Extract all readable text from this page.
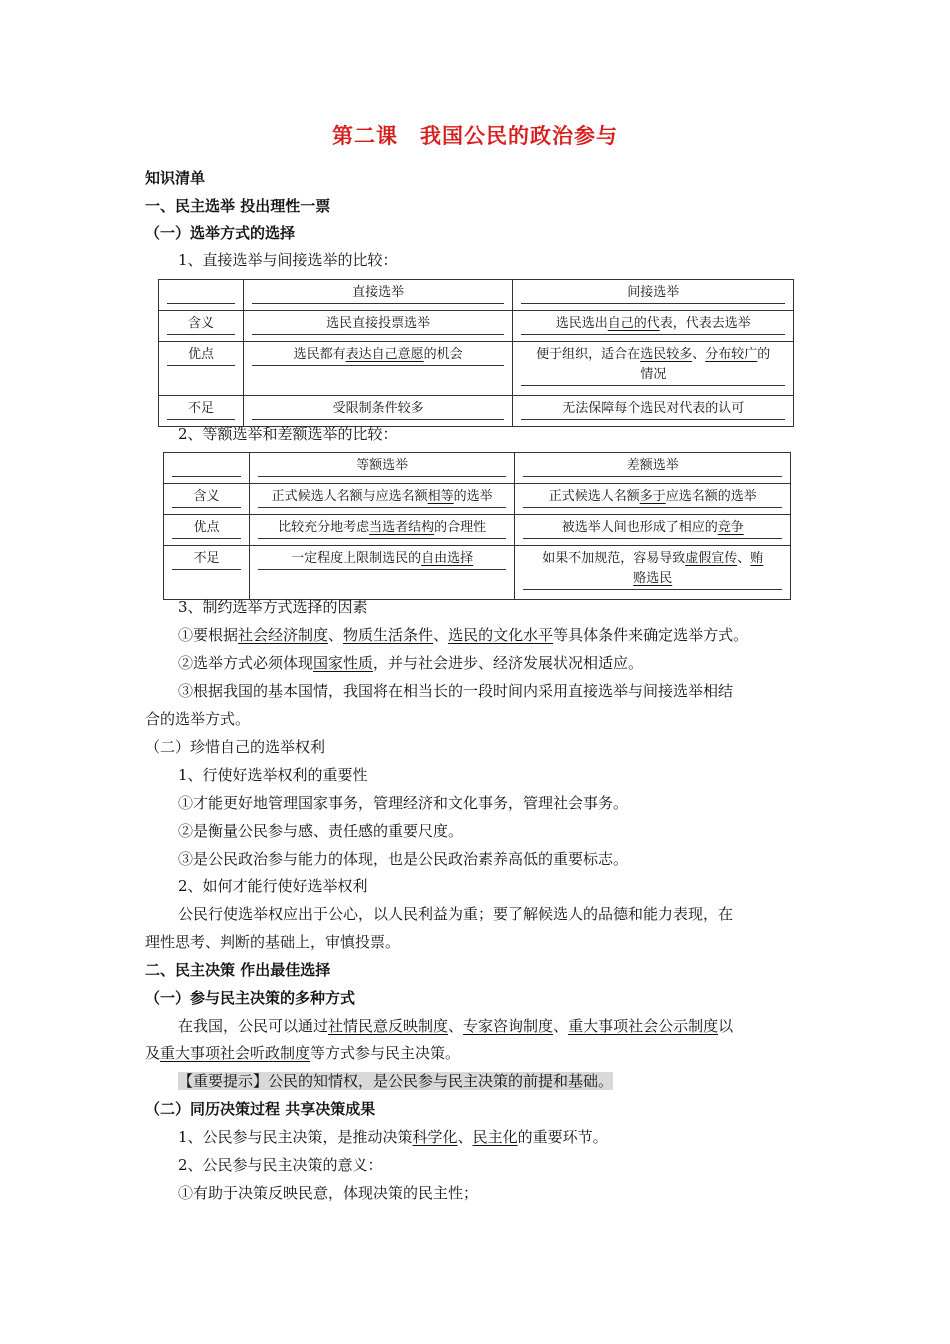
第二课　我国公民的政治参与
知识清单
一、民主选举 投出理性一票
（一）选举方式的选择
1、直接选举与间接选举的比较：

	直接选举	间接选举

含义	选民直接投票选举	选民选出自己的代表，代表去选举

优点	选民都有表达自己意愿的机会	便于组织，适合在选民较多、分布较广的
情况

不足	受限制条件较多	无法保障每个选民对代表的认可
2、等额选举和差额选举的比较：

	等额选举	差额选举

含义	正式候选人名额与应选名额相等的选举	正式候选人名额多于应选名额的选举

优点	比较充分地考虑当选者结构的合理性	被选举人间也形成了相应的竞争

不足	一定程度上限制选民的自由选择	如果不加规范，容易导致虚假宣传、贿
赂选民
3、制约选举方式选择的因素
①要根据社会经济制度、物质生活条件、选民的文化水平等具体条件来确定选举方式。
②选举方式必须体现国家性质，并与社会进步、经济发展状况相适应。
③根据我国的基本国情，我国将在相当长的一段时间内采用直接选举与间接选举相结
合的选举方式。
（二）珍惜自己的选举权利
1、行使好选举权利的重要性
①才能更好地管理国家事务，管理经济和文化事务，管理社会事务。
②是衡量公民参与感、责任感的重要尺度。
③是公民政治参与能力的体现，也是公民政治素养高低的重要标志。
2、如何才能行使好选举权利
公民行使选举权应出于公心，以人民利益为重；要了解候选人的品德和能力表现，在
理性思考、判断的基础上，审慎投票。
二、民主决策 作出最佳选择
（一）参与民主决策的多种方式
在我国，公民可以通过社情民意反映制度、专家咨询制度、重大事项社会公示制度以
及重大事项社会听政制度等方式参与民主决策。
【重要提示】公民的知情权，是公民参与民主决策的前提和基础。
（二）同历决策过程 共享决策成果
1、公民参与民主决策，是推动决策科学化、民主化的重要环节。
2、公民参与民主决策的意义：
①有助于决策反映民意，体现决策的民主性；
